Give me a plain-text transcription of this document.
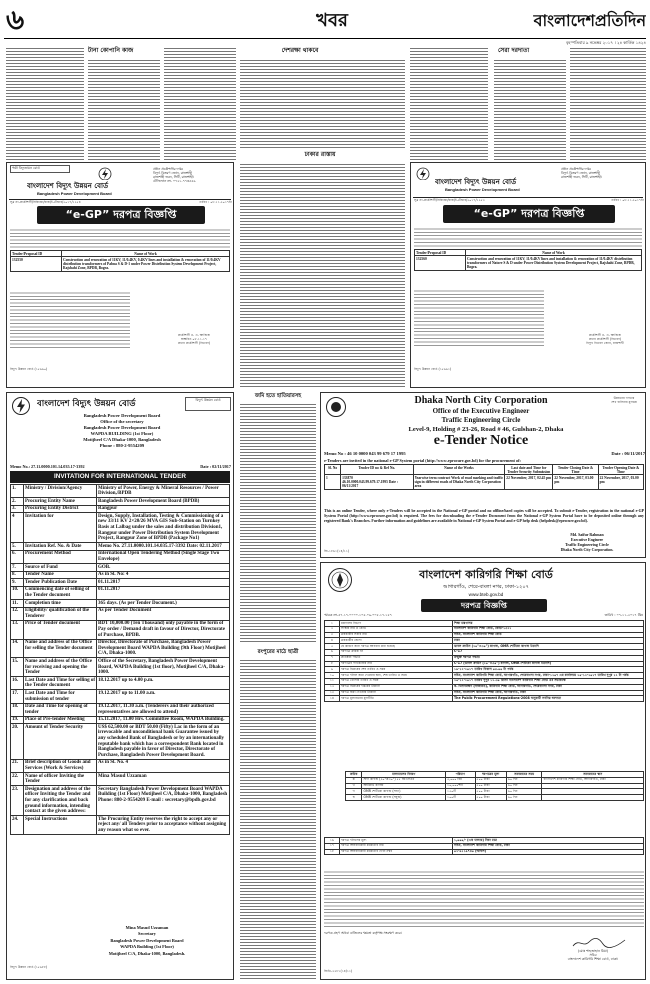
৬	খবর	বাংলাদেশপ্রতিদিন
বৃহস্পতিবার ৯ নভেম্বর ২০১৭ । ২৪ কার্তিক ১৪২৪
টানা কোপানি কাজ	দেশরক্ষা থাকবে	সেরা দরদাতা
ঢাকার রাস্তায়
পল্লী বিদ্যুতায়ন বোর্ড	প্রধান প্রকৌশলীর দপ্তর
বিদ্যুৎ বিতরণ জোন, রাজশাহী
রাজশাহী ভবন, সিটি, রাজশাহী।
টেলিফোন নং- ০৭২১-৭৭৩৫৫৯
বাংলাদেশ বিদ্যুৎ উন্নয়ন বোর্ড
Bangladesh Power Development Board
সূত্র নং-প্রকৌশলী/বিবিজো/রাজ/ই-টেন্ডার/২০১৭/১২৫৪	তারিখ : ০৮.১১.২০১৭ইং
“e-GP” দরপত্র বিজ্ঞপ্তি
Tender/Proposal ID	Name of Work
132550	Construction and renovation of 11KV, 11/0.4KV, 0.4KV lines and installation & renovation of 11/0.4KV distribution transformers of Pabna S & D-1 under Power Distribution System Development Project, Rajshahi Zone, BPDB, Bogra.
প্রকৌশলী এ. এ. আজিজ
স্বাক্ষরিত ০৮.১১.১৭
প্রধান প্রকৌশলী (বিতরণ)
বিদ্যুৎ উন্নয়ন বোর্ড (১৫৯৯০)
প্রধান প্রকৌশলীর দপ্তর
বিদ্যুৎ বিতরণ জোন, রাজশাহী
রাজশাহী ভবন, সিটি, রাজশাহী।
বাংলাদেশ বিদ্যুৎ উন্নয়ন বোর্ড
Bangladesh Power Development Board
সূত্র নং-প্রকৌশলী/বিবিজো/রাজ/ই-টেন্ডার/২০১৭/১২৫৩	তারিখ : ০৮.১১.২০১৭ইং
“e-GP” দরপত্র বিজ্ঞপ্তি
Tender/Proposal ID	Name of Work
132560	Construction and renovation of 11KV, 11/0.4KV lines and installation & renovation of 11/0.4KV distribution transformers of Natore S & D under Power Distribution System Development Project, Rajshahi Zone, BPDB, Bogra.
প্রকৌশলী এ. এ. আজিজ
প্রধান প্রকৌশলী (বিতরণ)
বিদ্যুৎ বিতরণ জোন, রাজশাহী
বিদ্যুৎ উন্নয়ন বোর্ড (১৫৯৯১)
বাংলাদেশ বিদ্যুৎ উন্নয়ন বোর্ড	বিদ্যুৎ উন্নয়ন বোর্ড
Bangladesh Power Development Board
Office of the secretary
Bangladesh Power Development Board
WAPDA BUILDING (1st Floor)
Motijheel C/A Dhaka-1000, Bangladesh
Phone : 880-2-9554209
Memo No.: 27.11.0000.101.14.035.17-3392	Date : 02/11/2017
INVITATION FOR INTERNATIONAL TENDER
1.	Ministry / Division/Agency	Ministry of Power, Energy & Mineral Resources / Power Division,/BPDB
2.	Procuring Entity Name	Bangladesh Power Development Board (BPDB)
3.	Procuring Entity District	Rangpur
4	Invitation for	Design, Supply, Installation, Testing & Commissioning of a new 33/11 KV 2×20/26 MVA GIS Sub-Station on Turnkey Basis at Lalbag under the sales and distribution Division1, Rangpur under Power Distribution System Development Project, Rangpur Zone of BPDB (Package No1)
5.	Invitation Ref. No. & Date	Memo No. 27.11.0000.101.14.035.17-3392 Date: 02.11.2017
6.	Procurement Method	International Open Tendering Method (Single Stage Two Envelope)
7.	Source of Fund	GOB.
8.	Tender Name	As in Sl. No: 4
9.	Tender Publication Date	01.11.2017
10.	Commencing date of selling of the Tender document	01.11.2017
11.	Completion time	365 days. (As per Tender Document.)
12.	Eligibility/ qualification of the Tenderer	As per Tender Document
13.	Price of Tender document	BDT 10,000.00 (Ten Thousand) only payable in the form of Pay order / Demand draft in favour of Director, Directorate of Purchase, BPDB.
14.	Name and address of the Office for selling the Tender document	Director, Directorate of Purchase, Bangladesh Power Development Board WAPDA Building (9th Floor) Motijheel C/A, Dhaka-1000.
15.	Name and address of the Office for receiving and opening the Tender	Office of the Secretary, Bangladesh Power Development Board, WAPDA Building (1st floor), Motijheel C/A, Dhaka-1000.
16.	Last Date and Time for selling of the Tender document	18.12.2017 up to 4.00 p.m.
17.	Last Date and Time for submission of tender	19.12.2017 up to 11.00 a.m.
18.	Date and Time for opening of tender	19.12.2017, 11.30 a.m. (Tenderers and their authorized representatives are allowed to attend)
19.	Place of Pre-tender Meeting	15.11.2017, 11.00 Hrs. Committee Room, WAPDA Building.
20.	Amount of Tender Security	US$ 62,500.00 or BDT 50.00 (Fifty) Lac in the form of an irrevocable and unconditional bank Guarantee issued by any scheduled Bank of Bangladesh or by an internationally reputable bank which has a correspondent Bank located in Bangladesh payable in favor of Director, Directorate of Purchase, Bangladesh Power Development Board.
21.	Brief description of Goods and Services (Work & Services)	As in Sl. No. 4
22.	Name of officer Inviting the Tender	Mina Masud Uzzaman
23.	Designation and address of the officer Inviting the Tender and for any clarification and back ground information, intending contact at the given address:	Secretary Bangladesh Power Development Board WAPDA Building (1st Floor) Motijheel C/A, Dhaka-1000, Bangladesh Phone: 880-2-9554209 E-mail : secretary@bpdb.gov.bd
24.	Special Instructions	The Procuring Entity reserves the right to accept any or reject any/ all Tenders prior to acceptance without assigning any reason what so ever.
Mina Masud Uzzaman
Secretary
Bangladesh Power Development Board
WAPDA Building (1st Floor)
Motijheel C/A, Dhaka-1000, Bangladesh.
বিদ্যুৎ উন্নয়ন বোর্ড (১৫৯৮৮)
জমি হতে হাতিয়ারসহ
রংপুরের মাঠে ছাত্রী
উন্নয়নের গণতন্ত্র
শেখ হাসিনার মূলমন্ত্র
Dhaka North City Corporation
Office of the Executive Engineer
Traffic Engineering Circle
Level-9, Holding # 23-26, Road # 46, Gulshan-2, Dhaka
e-Tender Notice
Memo No : 46 10 0000 043 99 679 17 1995	Date : 06/11/2017
e-Tenders are invited in the national e-GP System portal (http://www.eprocure.gov.bd) for the procurement of:
Sl. No	Tender ID no & Ref No.	Name of the Works	Last date and Time for Tender Security Submission	Tender Closing Date & Time	Tender Opening Date & Time
1	133870
46.10.0000.043.99.679.17.1995 Date : 06/11/2017	Yearwise term contract Work of road marking and traffic sign in different roads of Dhaka North City Corporation area	22 November, 2017, 02.45 pm	22 November, 2017, 03.00 pm	22 November, 2017, 03.00 pm
This is an online Tender, where only e-Tenders will be accepted in the National e-GP portal and no offline/hard copies will be accepted. To submit e-Tender, registration in the national e-GP System Portal (http://www.eprocure.gov.bd) is required. The fees for downloading the e-Tender Document from the National e-GP System Portal have to be deposited online through any registered Bank's Branches. Further information and guidelines are available in National e-GP System Portal and e-GP help desk (helpdesk@eprocure.gov.bd).
Md. Saifur Rahman
Executive Engineer
Traffic Engineering Circle
Dhaka North City Corporation.
জি-১৮৬১(১৪/১১)
বাংলাদেশ কারিগরি শিক্ষা বোর্ড
আগারগাঁও, শেরে-বাংলা নগর, ঢাকা-১২০৭
www.bteb.gov.bd
দরপত্র বিজ্ঞপ্তি
স্মারক নং-৫৭.১৭.০০০০.১০৫.০৯.০০৫.১৭.১৫৭	তারিখ : ০৭-১১-২০১৭ খ্রিঃ
১	মন্ত্রণালয় বিভাগ	শিক্ষা মন্ত্রণালয়
২	সংস্থার নাম ও কোড	বাংলাদেশ কারিগরি শিক্ষা বোর্ড, কোড-১৩২১
৩	ক্রয়কারীর সত্তার নাম	সচিব, বাংলাদেশ কারিগরি শিক্ষা বোর্ড
৪	ক্রয়কারীর জেলা	ঢাকা
৫	যে কারণে জন্য দরপত্র আহবান করা হয়েছে	ডাবল ক্রাউন (২০"×৩০") কাগজ, OMR শেটিকো কাগজ ইত্যাদি
৬	দরপত্রে ক্রমিক নং	C-17
৭	প্রতিষ্ঠান পদ্ধতি	উন্মুক্ত দরপত্র পদ্ধতি
৮	দরপত্রের প্যাকেজের নাম	C-17 (ডাবল ক্রাউন (২০"×৩০") কাগজ, OMR শেটিকো কাগজ ইত্যাদি)
৯	দরপত্র বিক্রয়ের শেষ তারিখ ও সময়	১৯-১২-২০১৭ তারিখ বিকাল ০৩.০০ টা পর্যন্ত
১০	দরপত্র দলিল জমা দেওয়ার স্থান, শেষ তারিখ ও সময়	সচিব, বাংলাদেশ কারিগরি শিক্ষা বোর্ড, আগারগাঁও, শেরেবাংলা নগর, ঢাকা-১২০৭ এর কার্যালয়ে ২০-১২-২০১৭ তারিখ দুপুর ১২ টা পর্যন্ত
১১	দরপত্র খোলার তারিখ ও সময়	২০-১২-২০১৭ তারিখ দুপুর ১২.৩০ মিনিট বাংলাদেশ কারিগরি শিক্ষা বোর্ড এর সভাকক্ষে
১২	দরপত্র বিক্রয়ের দপ্তরের ঠিকানা	ক. হিসাবরক্ষণ (নাজারত), কারিগরি শিক্ষা বোর্ড, আগারগাঁও, শেরেবাংলা নগর, ঢাকা
১৩	দরপত্র জমা দেওয়ার ঠিকানা	সচিব, বাংলাদেশ কারিগরি শিক্ষা বোর্ড, আগারগাঁও, ঢাকা
১৪	দরপত্র মূল্যায়নের মূলনীতি	The Public Procurement Regulations-2008 অনুযায়ী সর্বনিম্ন দরদাতা
ক্রমিক	মালামালের বিবরণ	পরিমাণ	দরপত্রের মূল্য	সরবরাহের সময়	সরবরাহের স্থান
ক	সাদা কাগজ (২০"×৩০") ৫৫ জিএসএম	৫,০০০ রিম	৫০০ টাকা	৯০ দিন	বাংলাদেশ কারিগরি শিক্ষা বোর্ড, আগারগাঁও, ঢাকা
খ	আর্টকার্ড কাগজ	১০,০০০শীট	৫০০ টাকা	৯০ দিন	
গ	OMR শেটিকো কাগজ (সাদা)	১৫০টি	৫০০ টাকা	৯০ দিন	
ঘ	OMR শেটিকো কাগজ (সবুজ)	১০০টি	৫০০ টাকা	৯০ দিন	
১৬	দরপত্র দলিলের মূল্য	১,০০০/- (এক হাজার) টাকা মাত্র
১৭	দরপত্র আহবানকারী কর্মকর্তার নাম	সচিব, বাংলাদেশ কারিগরি শিক্ষা বোর্ড, ঢাকা
১৮	দরপত্র আহবানকারী কর্মকর্তার ফোন নম্বর	০২-৯১১৯৭৪০ (অফিস)
দরপত্র গ্রহণ অথবা বাতিলের ক্ষমতা কর্তৃপক্ষ সংরক্ষণ করে।
(মোঃ শাহজাহান মিয়া)
সচিব
বাংলাদেশ কারিগরি শিক্ষা বোর্ড, ঢাকা।
জিডি-২২৮১(১৪/১১)
